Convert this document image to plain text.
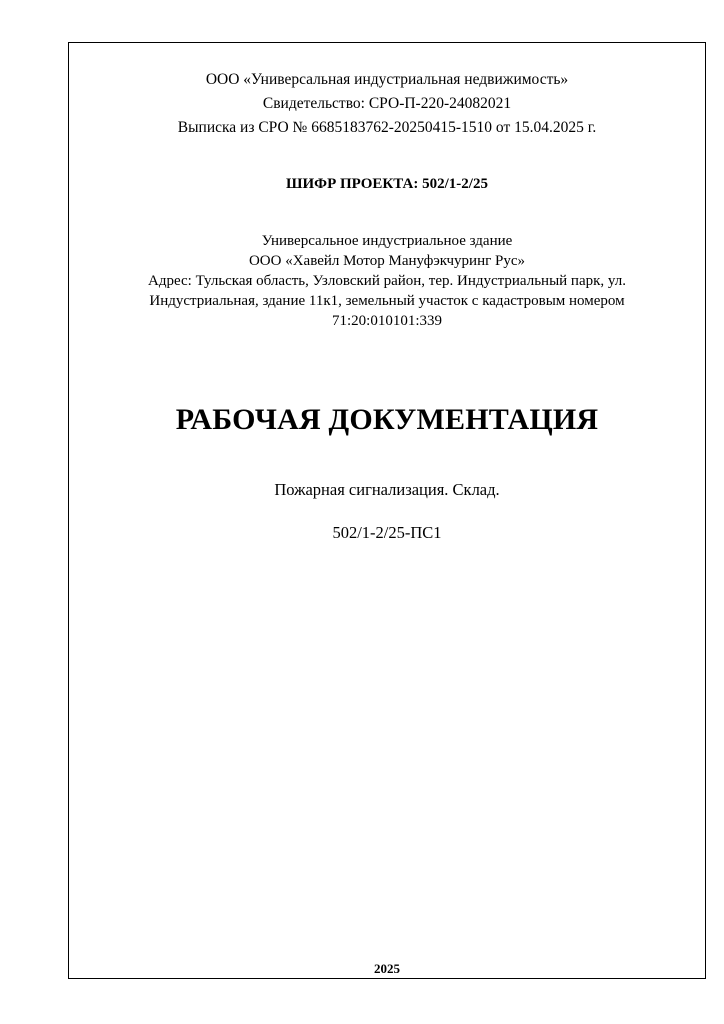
ООО «Универсальная индустриальная недвижимость»
Свидетельство: СРО-П-220-24082021
Выписка из СРО № 6685183762-20250415-1510 от 15.04.2025 г.
ШИФР ПРОЕКТА: 502/1-2/25
Универсальное индустриальное здание
ООО «Хавейл Мотор Мануфэкчуринг Рус»
Адрес: Тульская область, Узловский район, тер. Индустриальный парк, ул.
Индустриальная, здание 11к1, земельный участок с кадастровым номером
71:20:010101:339
РАБОЧАЯ ДОКУМЕНТАЦИЯ
Пожарная сигнализация. Склад.
502/1-2/25-ПС1
2025
